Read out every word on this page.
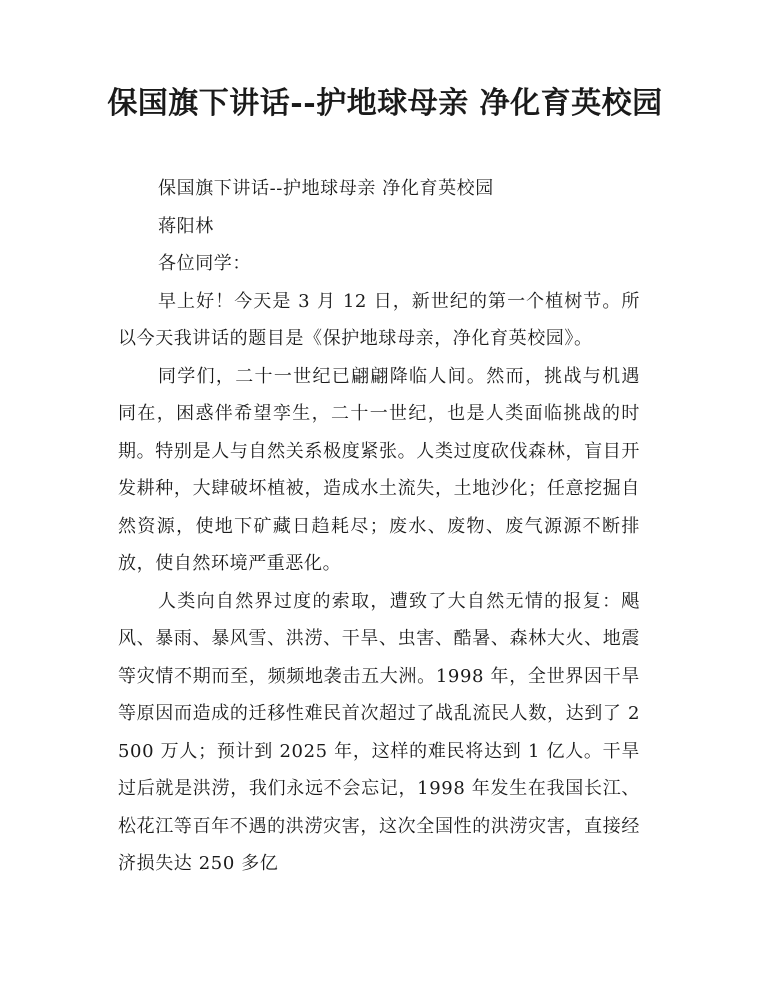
保国旗下讲话--护地球母亲 净化育英校园

保国旗下讲话--护地球母亲 净化育英校园

蒋阳林

各位同学：

早上好！今天是 3 月 12 日，新世纪的第一个植树节。所以今天我讲话的题目是《保护地球母亲，净化育英校园》。

同学们，二十一世纪已翩翩降临人间。然而，挑战与机遇同在，困惑伴希望孪生，二十一世纪，也是人类面临挑战的时期。特别是人与自然关系极度紧张。人类过度砍伐森林，盲目开发耕种，大肆破坏植被，造成水土流失，土地沙化；任意挖掘自然资源，使地下矿藏日趋耗尽；废水、废物、废气源源不断排放，使自然环境严重恶化。

人类向自然界过度的索取，遭致了大自然无情的报复：飓风、暴雨、暴风雪、洪涝、干旱、虫害、酷暑、森林大火、地震等灾情不期而至，频频地袭击五大洲。1998 年，全世界因干旱等原因而造成的迁移性难民首次超过了战乱流民人数，达到了 2500 万人；预计到 2025 年，这样的难民将达到 1 亿人。干旱过后就是洪涝，我们永远不会忘记，1998 年发生在我国长江、松花江等百年不遇的洪涝灾害，这次全国性的洪涝灾害，直接经济损失达 250 多亿
